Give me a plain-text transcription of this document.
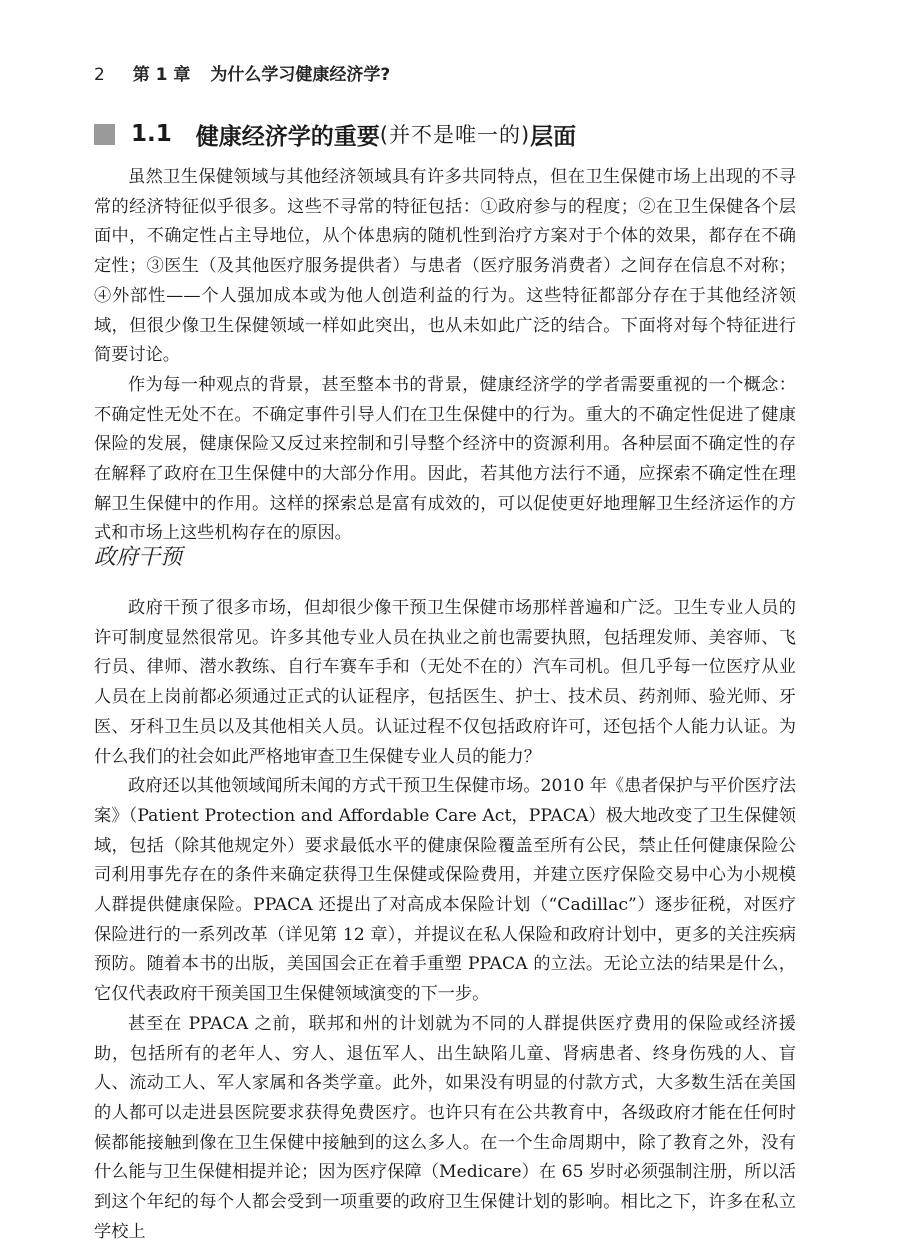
2 第 1 章 为什么学习健康经济学?
1.1 健康经济学的重要 (并不是唯一的) 层面

虽然卫生保健领域与其他经济领域具有许多共同特点，但在卫生保健市场上出现的不寻常的经济特征似乎很多。这些不寻常的特征包括：①政府参与的程度；②在卫生保健各个层面中，不确定性占主导地位，从个体患病的随机性到治疗方案对于个体的效果，都存在不确定性；③医生（及其他医疗服务提供者）与患者（医疗服务消费者）之间存在信息不对称；④外部性——个人强加成本或为他人创造利益的行为。这些特征都部分存在于其他经济领域，但很少像卫生保健领域一样如此突出，也从未如此广泛的结合。下面将对每个特征进行简要讨论。

作为每一种观点的背景，甚至整本书的背景，健康经济学的学者需要重视的一个概念：不确定性无处不在。不确定事件引导人们在卫生保健中的行为。重大的不确定性促进了健康保险的发展，健康保险又反过来控制和引导整个经济中的资源利用。各种层面不确定性的存在解释了政府在卫生保健中的大部分作用。因此，若其他方法行不通，应探索不确定性在理解卫生保健中的作用。这样的探索总是富有成效的，可以促使更好地理解卫生经济运作的方式和市场上这些机构存在的原因。

政府干预

政府干预了很多市场，但却很少像干预卫生保健市场那样普遍和广泛。卫生专业人员的许可制度显然很常见。许多其他专业人员在执业之前也需要执照，包括理发师、美容师、飞行员、律师、潜水教练、自行车赛车手和（无处不在的）汽车司机。但几乎每一位医疗从业人员在上岗前都必须通过正式的认证程序，包括医生、护士、技术员、药剂师、验光师、牙医、牙科卫生员以及其他相关人员。认证过程不仅包括政府许可，还包括个人能力认证。为什么我们的社会如此严格地审查卫生保健专业人员的能力？

政府还以其他领域闻所未闻的方式干预卫生保健市场。2010 年《患者保护与平价医疗法案》（Patient Protection and Affordable Care Act，PPACA）极大地改变了卫生保健领域，包括（除其他规定外）要求最低水平的健康保险覆盖至所有公民，禁止任何健康保险公司利用事先存在的条件来确定获得卫生保健或保险费用，并建立医疗保险交易中心为小规模人群提供健康保险。PPACA 还提出了对高成本保险计划（“Cadillac”）逐步征税，对医疗保险进行的一系列改革（详见第 12 章），并提议在私人保险和政府计划中，更多的关注疾病预防。随着本书的出版，美国国会正在着手重塑 PPACA 的立法。无论立法的结果是什么，它仅代表政府干预美国卫生保健领域演变的下一步。

甚至在 PPACA 之前，联邦和州的计划就为不同的人群提供医疗费用的保险或经济援助，包括所有的老年人、穷人、退伍军人、出生缺陷儿童、肾病患者、终身伤残的人、盲人、流动工人、军人家属和各类学童。此外，如果没有明显的付款方式，大多数生活在美国的人都可以走进县医院要求获得免费医疗。也许只有在公共教育中，各级政府才能在任何时候都能接触到像在卫生保健中接触到的这么多人。在一个生命周期中，除了教育之外，没有什么能与卫生保健相提并论；因为医疗保障（Medicare）在 65 岁时必须强制注册，所以活到这个年纪的每个人都会受到一项重要的政府卫生保健计划的影响。相比之下，许多在私立学校上
